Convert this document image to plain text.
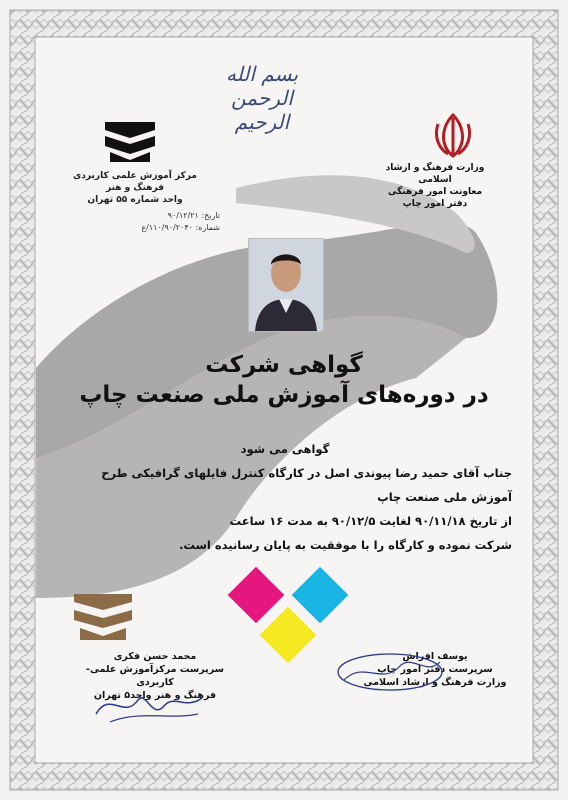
بسم الله الرحمن الرحیم
وزارت فرهنگ و ارشاد اسلامی
معاونت امور فرهنگی
دفتر امور چاپ
مرکز آموزش علمی کاربردی فرهنگ و هنر
واحد شماره ۵۵ تهران
تاریخ: ۹۰/۱۲/۲۱
شماره: ۱۱۰/۹۰/۲۰۴۰/ع
گواهی شرکت
در دوره‌های آموزش ملی صنعت چاپ
گواهی می شود
جناب آقای حمید رضا پیوندی اصل در کارگاه کنترل فایلهای گرافیکی طرح آموزش ملی صنعت چاپ
از تاریخ ۹۰/۱۱/۱۸ لغایت ۹۰/۱۲/۵ به مدت ۱۶ ساعت
شرکت نموده و کارگاه را با موفقیت به پایان رسانیده است.
محمد حسن فکری
سرپرست مرکزآموزش علمی- کاربردی
فرهنگ و هنر واحد۵ تهران
یوسف افراش
سرپرست دفتر امور چاپ
وزارت فرهنگ و ارشاد اسلامی
